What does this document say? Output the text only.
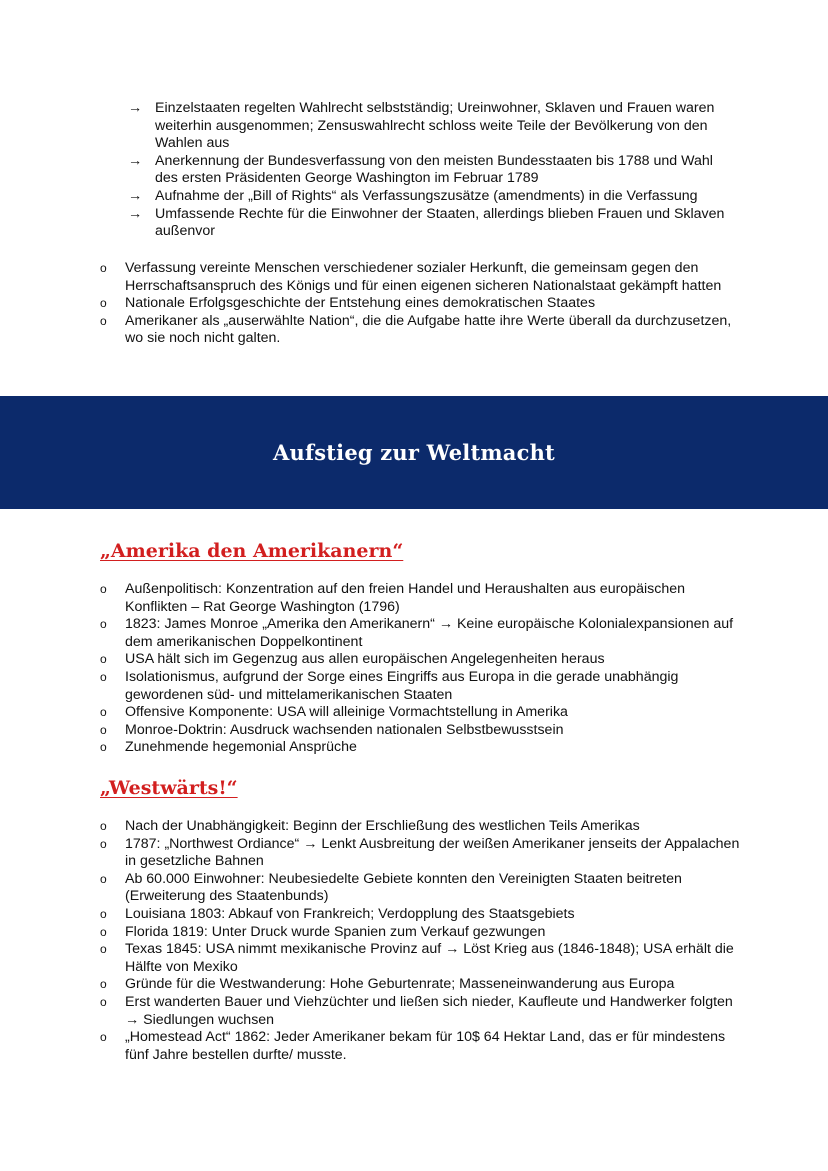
→ Einzelstaaten regelten Wahlrecht selbstständig; Ureinwohner, Sklaven und Frauen waren weiterhin ausgenommen; Zensuswahlrecht schloss weite Teile der Bevölkerung von den Wahlen aus
→ Anerkennung der Bundesverfassung von den meisten Bundesstaaten bis 1788 und Wahl des ersten Präsidenten George Washington im Februar 1789
→ Aufnahme der „Bill of Rights“ als Verfassungszusätze (amendments) in die Verfassung
→ Umfassende Rechte für die Einwohner der Staaten, allerdings blieben Frauen und Sklaven außenvor
o Verfassung vereinte Menschen verschiedener sozialer Herkunft, die gemeinsam gegen den Herrschaftsanspruch des Königs und für einen eigenen sicheren Nationalstaat gekämpft hatten
o Nationale Erfolgsgeschichte der Entstehung eines demokratischen Staates
o Amerikaner als „auserwählte Nation“, die die Aufgabe hatte ihre Werte überall da durchzusetzen, wo sie noch nicht galten.
Aufstieg zur Weltmacht
„Amerika den Amerikanern“
o Außenpolitisch: Konzentration auf den freien Handel und Heraushalten aus europäischen Konflikten – Rat George Washington (1796)
o 1823: James Monroe „Amerika den Amerikanern“ → Keine europäische Kolonialexpansionen auf dem amerikanischen Doppelkontinent
o USA hält sich im Gegenzug aus allen europäischen Angelegenheiten heraus
o Isolationismus, aufgrund der Sorge eines Eingriffs aus Europa in die gerade unabhängig gewordenen süd- und mittelamerikanischen Staaten
o Offensive Komponente: USA will alleinige Vormachtstellung in Amerika
o Monroe-Doktrin: Ausdruck wachsenden nationalen Selbstbewusstsein
o Zunehmende hegemonial Ansprüche
„Westwärts!“
o Nach der Unabhängigkeit: Beginn der Erschließung des westlichen Teils Amerikas
o 1787: „Northwest Ordiance“ → Lenkt Ausbreitung der weißen Amerikaner jenseits der Appalachen in gesetzliche Bahnen
o Ab 60.000 Einwohner: Neubesiedelte Gebiete konnten den Vereinigten Staaten beitreten (Erweiterung des Staatenbunds)
o Louisiana 1803: Abkauf von Frankreich; Verdopplung des Staatsgebiets
o Florida 1819: Unter Druck wurde Spanien zum Verkauf gezwungen
o Texas 1845: USA nimmt mexikanische Provinz auf → Löst Krieg aus (1846-1848); USA erhält die Hälfte von Mexiko
o Gründe für die Westwanderung: Hohe Geburtenrate; Masseneinwanderung aus Europa
o Erst wanderten Bauer und Viehzüchter und ließen sich nieder, Kaufleute und Handwerker folgten → Siedlungen wuchsen
o „Homestead Act“ 1862: Jeder Amerikaner bekam für 10$ 64 Hektar Land, das er für mindestens fünf Jahre bestellen durfte/ musste.
